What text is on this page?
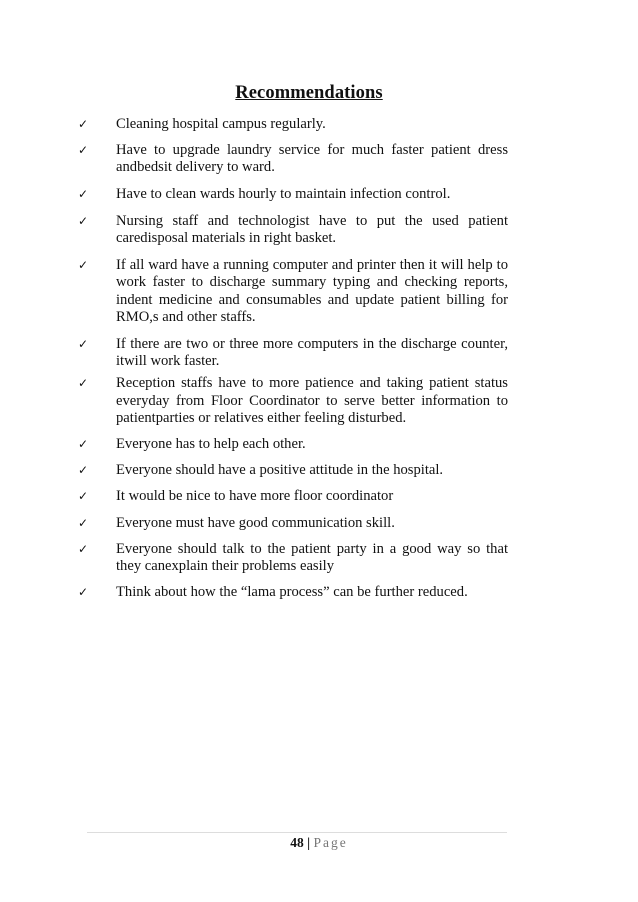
Recommendations
✓	Cleaning hospital campus regularly.
✓	Have to upgrade laundry service for much faster patient dress andbedsit delivery to ward.
✓	Have to clean wards hourly to maintain infection control.
✓	Nursing staff and technologist have to put the used patient caredisposal materials in right basket.
✓	If all ward have a running computer and printer then it will help to work faster to discharge summary typing and checking reports, indent medicine and consumables and update patient billing for RMO,s and other staffs.
✓	If there are two or three more computers in the discharge counter, itwill work faster.
✓	Reception staffs have to more patience and taking patient status everyday from Floor Coordinator to serve better information to patientparties or relatives either feeling disturbed.
✓	Everyone has to help each other.
✓	Everyone should have a positive attitude in the hospital.
✓	It would be nice to have more floor coordinator
✓	Everyone must have good communication skill.
✓	Everyone should talk to the patient party in a good way so that they canexplain their problems easily
✓	Think about how the “lama process” can be further reduced.
48 | Page
